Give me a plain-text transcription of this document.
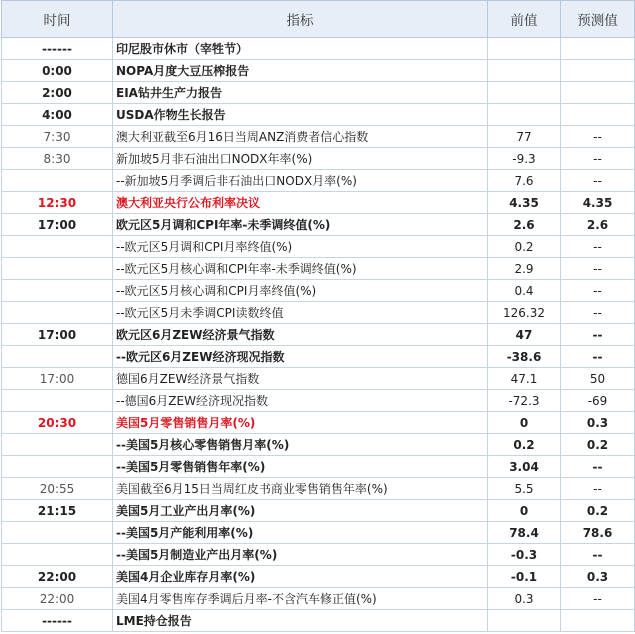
时间	指标	前值	预测值
------	印尼股市休市（宰牲节）		
0:00	NOPA月度大豆压榨报告		
2:00	EIA钻井生产力报告		
4:00	USDA作物生长报告		
7:30	澳大利亚截至6月16日当周ANZ消费者信心指数	77	--
8:30	新加坡5月非石油出口NODX年率(%)	-9.3	--
	--新加坡5月季调后非石油出口NODX月率(%)	7.6	--
12:30	澳大利亚央行公布利率决议	4.35	4.35
17:00	欧元区5月调和CPI年率-未季调终值(%)	2.6	2.6
	--欧元区5月调和CPI月率终值(%)	0.2	--
	--欧元区5月核心调和CPI年率-未季调终值(%)	2.9	--
	--欧元区5月核心调和CPI月率终值(%)	0.4	--
	--欧元区5月未季调CPI读数终值	126.32	--
17:00	欧元区6月ZEW经济景气指数	47	--
	--欧元区6月ZEW经济现况指数	-38.6	--
17:00	德国6月ZEW经济景气指数	47.1	50
	--德国6月ZEW经济现况指数	-72.3	-69
20:30	美国5月零售销售月率(%)	0	0.3
	--美国5月核心零售销售月率(%)	0.2	0.2
	--美国5月零售销售年率(%)	3.04	--
20:55	美国截至6月15日当周红皮书商业零售销售年率(%)	5.5	--
21:15	美国5月工业产出月率(%)	0	0.2
	--美国5月产能利用率(%)	78.4	78.6
	--美国5月制造业产出月率(%)	-0.3	--
22:00	美国4月企业库存月率(%)	-0.1	0.3
22:00	美国4月零售库存季调后月率-不含汽车修正值(%)	0.3	--
------	LME持仓报告		
